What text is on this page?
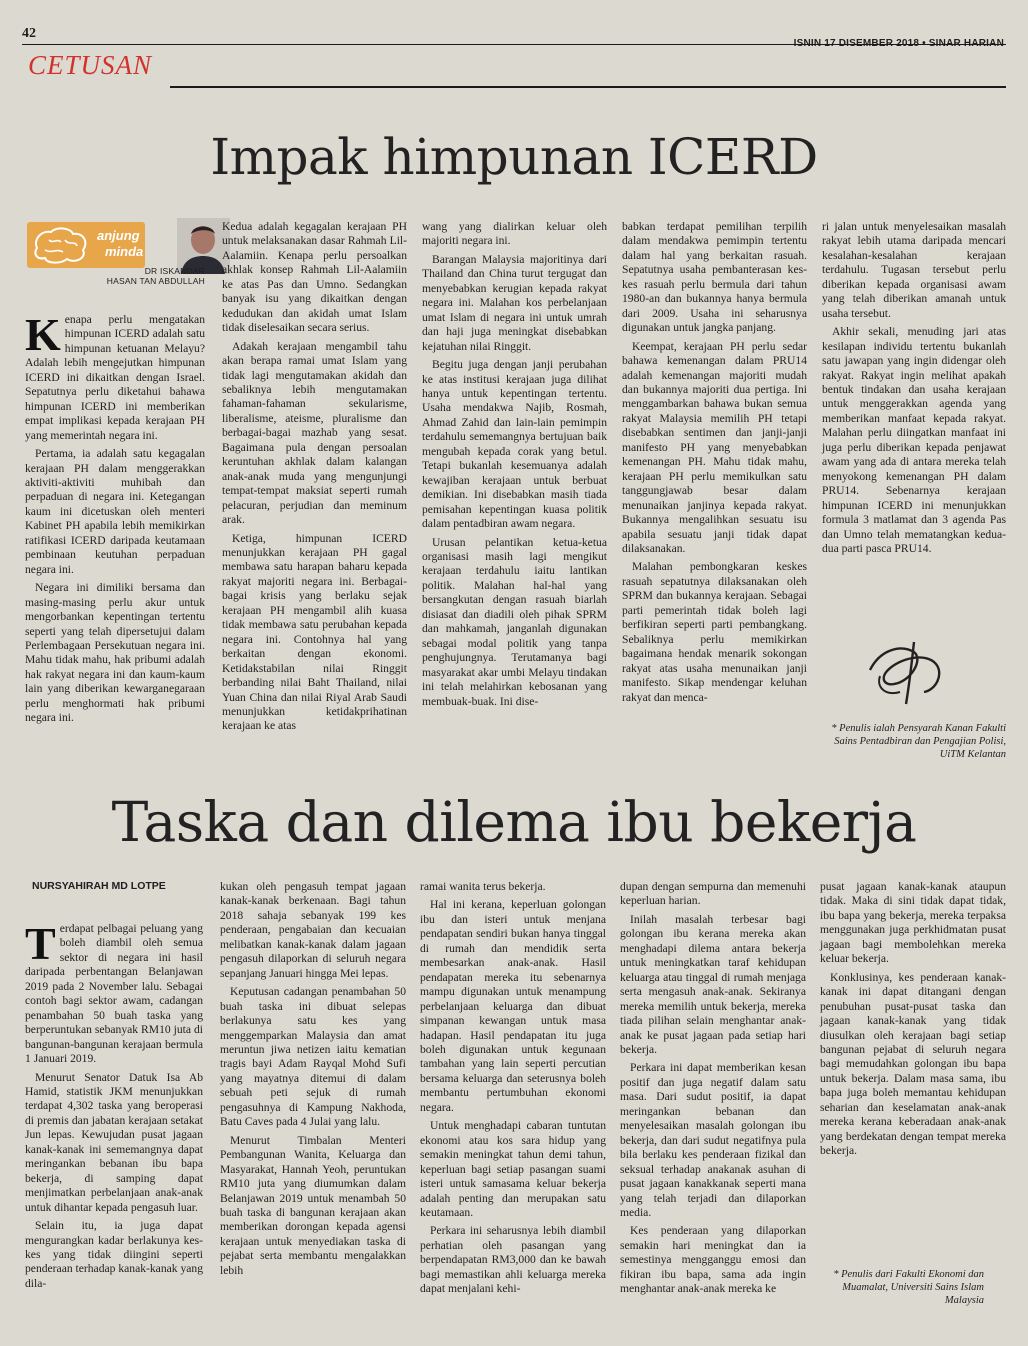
42
CETUSAN
Impak himpunan ICERD
anjung
minda
DR ISKANDAR
HASAN TAN ABDULLAH

Kenapa perlu mengatakan himpunan ICERD adalah satu himpunan ketuanan Melayu? Adalah lebih mengejutkan himpunan ICERD ini dikaitkan dengan Israel. Sepatutnya perlu diketahui bahawa himpunan ICERD ini memberikan empat implikasi kepada kerajaan PH yang memerintah negara ini.

Pertama, ia adalah satu kegagalan kerajaan PH dalam menggerakkan aktiviti-aktiviti muhibah dan perpaduan di negara ini. Ketegangan kaum ini dicetuskan oleh menteri Kabinet PH apabila lebih memikirkan ratifikasi ICERD daripada keutamaan pembinaan keutuhan perpaduan negara ini.

Negara ini dimiliki bersama dan masing-masing perlu akur untuk mengorbankan kepentingan tertentu seperti yang telah dipersetujui dalam Perlembagaan Persekutuan negara ini. Mahu tidak mahu, hak pribumi adalah hak rakyat negara ini dan kaum-kaum lain yang diberikan kewarganegaraan perlu menghormati hak pribumi negara ini.

Kedua adalah kegagalan kerajaan PH untuk melaksanakan dasar Rahmah Lil-Aalamiin. Kenapa perlu persoalkan akhlak konsep Rahmah Lil-Aalamiin ke atas Pas dan Umno. Sedangkan banyak isu yang dikaitkan dengan kedudukan dan akidah umat Islam tidak diselesaikan secara serius.

Adakah kerajaan mengambil tahu akan berapa ramai umat Islam yang tidak lagi mengutamakan akidah dan sebaliknya lebih mengutamakan fahaman-fahaman sekularisme, liberalisme, ateisme, pluralisme dan berbagai-bagai mazhab yang sesat. Bagaimana pula dengan persoalan keruntuhan akhlak dalam kalangan anak-anak muda yang mengunjungi tempat-tempat maksiat seperti rumah pelacuran, perjudian dan meminum arak.

Ketiga, himpunan ICERD menunjukkan kerajaan PH gagal membawa satu harapan baharu kepada rakyat majoriti negara ini. Berbagai-bagai krisis yang berlaku sejak kerajaan PH mengambil alih kuasa tidak membawa satu perubahan kepada negara ini. Contohnya hal yang berkaitan dengan ekonomi. Ketidakstabilan nilai Ringgit berbanding nilai Baht Thailand, nilai Yuan China dan nilai Riyal Arab Saudi menunjukkan ketidakprihatinan kerajaan ke atas

wang yang dialirkan keluar oleh majoriti negara ini.

Barangan Malaysia majoritinya dari Thailand dan China turut tergugat dan menyebabkan kerugian kepada rakyat negara ini. Malahan kos perbelanjaan umat Islam di negara ini untuk umrah dan haji juga meningkat disebabkan kejatuhan nilai Ringgit.

Begitu juga dengan janji perubahan ke atas institusi kerajaan juga dilihat hanya untuk kepentingan tertentu. Usaha mendakwa Najib, Rosmah, Ahmad Zahid dan lain-lain pemimpin terdahulu sememangnya bertujuan baik mengubah kepada corak yang betul. Tetapi bukanlah kesemuanya adalah kewajiban kerajaan untuk berbuat demikian. Ini disebabkan masih tiada pemisahan kepentingan kuasa politik dalam pentadbiran awam negara.

Urusan pelantikan ketua-ketua organisasi masih lagi mengikut kerajaan terdahulu iaitu lantikan politik. Malahan hal-hal yang bersangkutan dengan rasuah biarlah disiasat dan diadili oleh pihak SPRM dan mahkamah, janganlah digunakan sebagai modal politik yang tanpa penghujungnya. Terutamanya bagi masyarakat akar umbi Melayu tindakan ini telah melahirkan kebosanan yang membuak-buak. Ini dise-

babkan terdapat pemilihan terpilih dalam mendakwa pemimpin tertentu dalam hal yang berkaitan rasuah. Sepatutnya usaha pembanterasan kes-kes rasuah perlu bermula dari tahun 1980-an dan bukannya hanya bermula dari 2009. Usaha ini seharusnya digunakan untuk jangka panjang.

Keempat, kerajaan PH perlu sedar bahawa kemenangan dalam PRU14 adalah kemenangan majoriti mudah dan bukannya majoriti dua pertiga. Ini menggambarkan bahawa bukan semua rakyat Malaysia memilih PH tetapi disebabkan sentimen dan janji-janji manifesto PH yang menyebabkan kemenangan PH. Mahu tidak mahu, kerajaan PH perlu memikulkan satu tanggungjawab besar dalam menunaikan janjinya kepada rakyat. Bukannya mengalihkan sesuatu isu apabila sesuatu janji tidak dapat dilaksanakan.

Malahan pembongkaran keskes rasuah sepatutnya dilaksanakan oleh SPRM dan bukannya kerajaan. Sebagai parti pemerintah tidak boleh lagi berfikiran seperti parti pembangkang. Sebaliknya perlu memikirkan bagaimana hendak menarik sokongan rakyat atas usaha menunaikan janji manifesto. Sikap mendengar keluhan rakyat dan menca-

ri jalan untuk menyelesaikan masalah rakyat lebih utama daripada mencari kesalahan-kesalahan kerajaan terdahulu. Tugasan tersebut perlu diberikan kepada organisasi awam yang telah diberikan amanah untuk usaha tersebut.

Akhir sekali, menuding jari atas kesilapan individu tertentu bukanlah satu jawapan yang ingin didengar oleh rakyat. Rakyat ingin melihat apakah bentuk tindakan dan usaha kerajaan untuk menggerakkan agenda yang memberikan manfaat kepada rakyat. Malahan perlu diingatkan manfaat ini juga perlu diberikan kepada penjawat awam yang ada di antara mereka telah menyokong kemenangan PH dalam PRU14. Sebenarnya kerajaan himpunan ICERD ini menunjukkan formula 3 matlamat dan 3 agenda Pas dan Umno telah mematangkan kedua-dua parti pasca PRU14.

* Penulis ialah Pensyarah Kanan Fakulti
Sains Pentadbiran dan Pengajian Polisi,
UiTM Kelantan
Taska dan dilema ibu bekerja
NURSYAHIRAH MD LOTPE

Terdapat pelbagai peluang yang boleh diambil oleh semua sektor di negara ini hasil daripada perbentangan Belanjawan 2019 pada 2 November lalu. Sebagai contoh bagi sektor awam, cadangan penambahan 50 buah taska yang berperuntukan sebanyak RM10 juta di bangunan-bangunan kerajaan bermula 1 Januari 2019.

Menurut Senator Datuk Isa Ab Hamid, statistik JKM menunjukkan terdapat 4,302 taska yang beroperasi di premis dan jabatan kerajaan setakat Jun lepas. Kewujudan pusat jagaan kanak-kanak ini sememangnya dapat meringankan bebanan ibu bapa bekerja, di samping dapat menjimatkan perbelanjaan anak-anak untuk dihantar kepada pengasuh luar.

Selain itu, ia juga dapat mengurangkan kadar berlakunya kes-kes yang tidak diingini seperti penderaan terhadap kanak-kanak yang dila-

kukan oleh pengasuh tempat jagaan kanak-kanak berkenaan. Bagi tahun 2018 sahaja sebanyak 199 kes penderaan, pengabaian dan kecuaian melibatkan kanak-kanak dalam jagaan pengasuh dilaporkan di seluruh negara sepanjang Januari hingga Mei lepas.

Keputusan cadangan penambahan 50 buah taska ini dibuat selepas berlakunya satu kes yang menggemparkan Malaysia dan amat meruntun jiwa netizen iaitu kematian tragis bayi Adam Rayqal Mohd Sufi yang mayatnya ditemui di dalam sebuah peti sejuk di rumah pengasuhnya di Kampung Nakhoda, Batu Caves pada 4 Julai yang lalu.

Menurut Timbalan Menteri Pembangunan Wanita, Keluarga dan Masyarakat, Hannah Yeoh, peruntukan RM10 juta yang diumumkan dalam Belanjawan 2019 untuk menambah 50 buah taska di bangunan kerajaan akan memberikan dorongan kepada agensi kerajaan untuk menyediakan taska di pejabat serta membantu mengalakkan lebih

ramai wanita terus bekerja.

Hal ini kerana, keperluan golongan ibu dan isteri untuk menjana pendapatan sendiri bukan hanya tinggal di rumah dan mendidik serta membesarkan anak-anak. Hasil pendapatan mereka itu sebenarnya mampu digunakan untuk menampung perbelanjaan keluarga dan dibuat simpanan kewangan untuk masa hadapan. Hasil pendapatan itu juga boleh digunakan untuk kegunaan tambahan yang lain seperti percutian bersama keluarga dan seterusnya boleh membantu pertumbuhan ekonomi negara.

Untuk menghadapi cabaran tuntutan ekonomi atau kos sara hidup yang semakin meningkat tahun demi tahun, keperluan bagi setiap pasangan suami isteri untuk samasama keluar bekerja adalah penting dan merupakan satu keutamaan.

Perkara ini seharusnya lebih diambil perhatian oleh pasangan yang berpendapatan RM3,000 dan ke bawah bagi memastikan ahli keluarga mereka dapat menjalani kehi-

dupan dengan sempurna dan memenuhi keperluan harian.

Inilah masalah terbesar bagi golongan ibu kerana mereka akan menghadapi dilema antara bekerja untuk meningkatkan taraf kehidupan keluarga atau tinggal di rumah menjaga serta mengasuh anak-anak. Sekiranya mereka memilih untuk bekerja, mereka tiada pilihan selain menghantar anak-anak ke pusat jagaan pada setiap hari bekerja.

Perkara ini dapat memberikan kesan positif dan juga negatif dalam satu masa. Dari sudut positif, ia dapat meringankan bebanan dan menyelesaikan masalah golongan ibu bekerja, dan dari sudut negatifnya pula bila berlaku kes penderaan fizikal dan seksual terhadap anakanak asuhan di pusat jagaan kanakkanak seperti mana yang telah terjadi dan dilaporkan media.

Kes penderaan yang dilaporkan semakin hari meningkat dan ia semestinya mengganggu emosi dan fikiran ibu bapa, sama ada ingin menghantar anak-anak mereka ke

pusat jagaan kanak-kanak ataupun tidak. Maka di sini tidak dapat tidak, ibu bapa yang bekerja, mereka terpaksa menggunakan juga perkhidmatan pusat jagaan bagi membolehkan mereka keluar bekerja.

Konklusinya, kes penderaan kanak-kanak ini dapat ditangani dengan penubuhan pusat-pusat taska dan jagaan kanak-kanak yang tidak diusulkan oleh kerajaan bagi setiap bangunan pejabat di seluruh negara bagi memudahkan golongan ibu bapa untuk bekerja. Dalam masa sama, ibu bapa juga boleh memantau kehidupan seharian dan keselamatan anak-anak mereka kerana keberadaan anak-anak yang berdekatan dengan tempat mereka bekerja.

* Penulis dari Fakulti Ekonomi dan
Muamalat, Universiti Sains Islam
Malaysia
